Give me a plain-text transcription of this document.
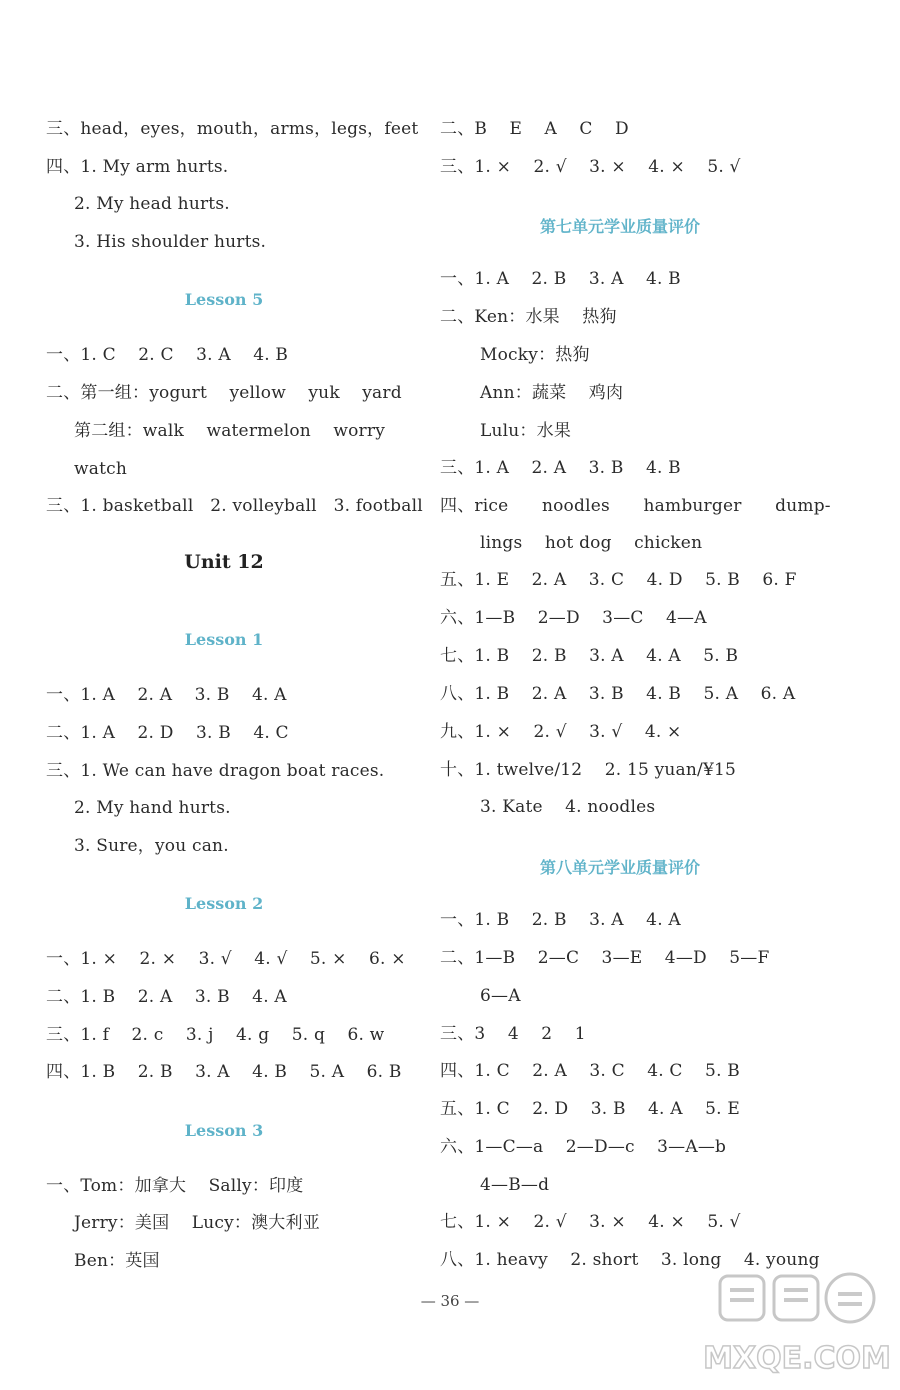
三、head，eyes，mouth，arms，legs，feet
四、1. My arm hurts.
2. My head hurts.
3. His shoulder hurts.
Lesson 5
一、1. C    2. C    3. A    4. B
二、第一组：yogurt    yellow    yuk    yard
第二组：walk    watermelon    worry
watch
三、1. basketball   2. volleyball   3. football
Unit 12
Lesson 1
一、1. A    2. A    3. B    4. A
二、1. A    2. D    3. B    4. C
三、1. We can have dragon boat races.
2. My hand hurts.
3. Sure，you can.
Lesson 2
一、1. ×    2. ×    3. √    4. √    5. ×    6. ×
二、1. B    2. A    3. B    4. A
三、1. f    2. c    3. j    4. g    5. q    6. w
四、1. B    2. B    3. A    4. B    5. A    6. B
Lesson 3
一、Tom：加拿大    Sally：印度
Jerry：美国    Lucy：澳大利亚
Ben：英国
二、B    E    A    C    D
三、1. ×    2. √    3. ×    4. ×    5. √
第七单元学业质量评价
一、1. A    2. B    3. A    4. B
二、Ken：水果    热狗
Mocky：热狗
Ann：蔬菜    鸡肉
Lulu：水果
三、1. A    2. A    3. B    4. B
四、rice      noodles      hamburger      dump-
lings    hot dog    chicken
五、1. E    2. A    3. C    4. D    5. B    6. F
六、1—B    2—D    3—C    4—A
七、1. B    2. B    3. A    4. A    5. B
八、1. B    2. A    3. B    4. B    5. A    6. A
九、1. ×    2. √    3. √    4. ×
十、1. twelve/12    2. 15 yuan/¥15
3. Kate    4. noodles
第八单元学业质量评价
一、1. B    2. B    3. A    4. A
二、1—B    2—C    3—E    4—D    5—F
6—A
三、3    4    2    1
四、1. C    2. A    3. C    4. C    5. B
五、1. C    2. D    3. B    4. A    5. E
六、1—C—a    2—D—c    3—A—b
4—B—d
七、1. ×    2. √    3. ×    4. ×    5. √
八、1. heavy    2. short    3. long    4. young
— 36 —
MXQE.COM
